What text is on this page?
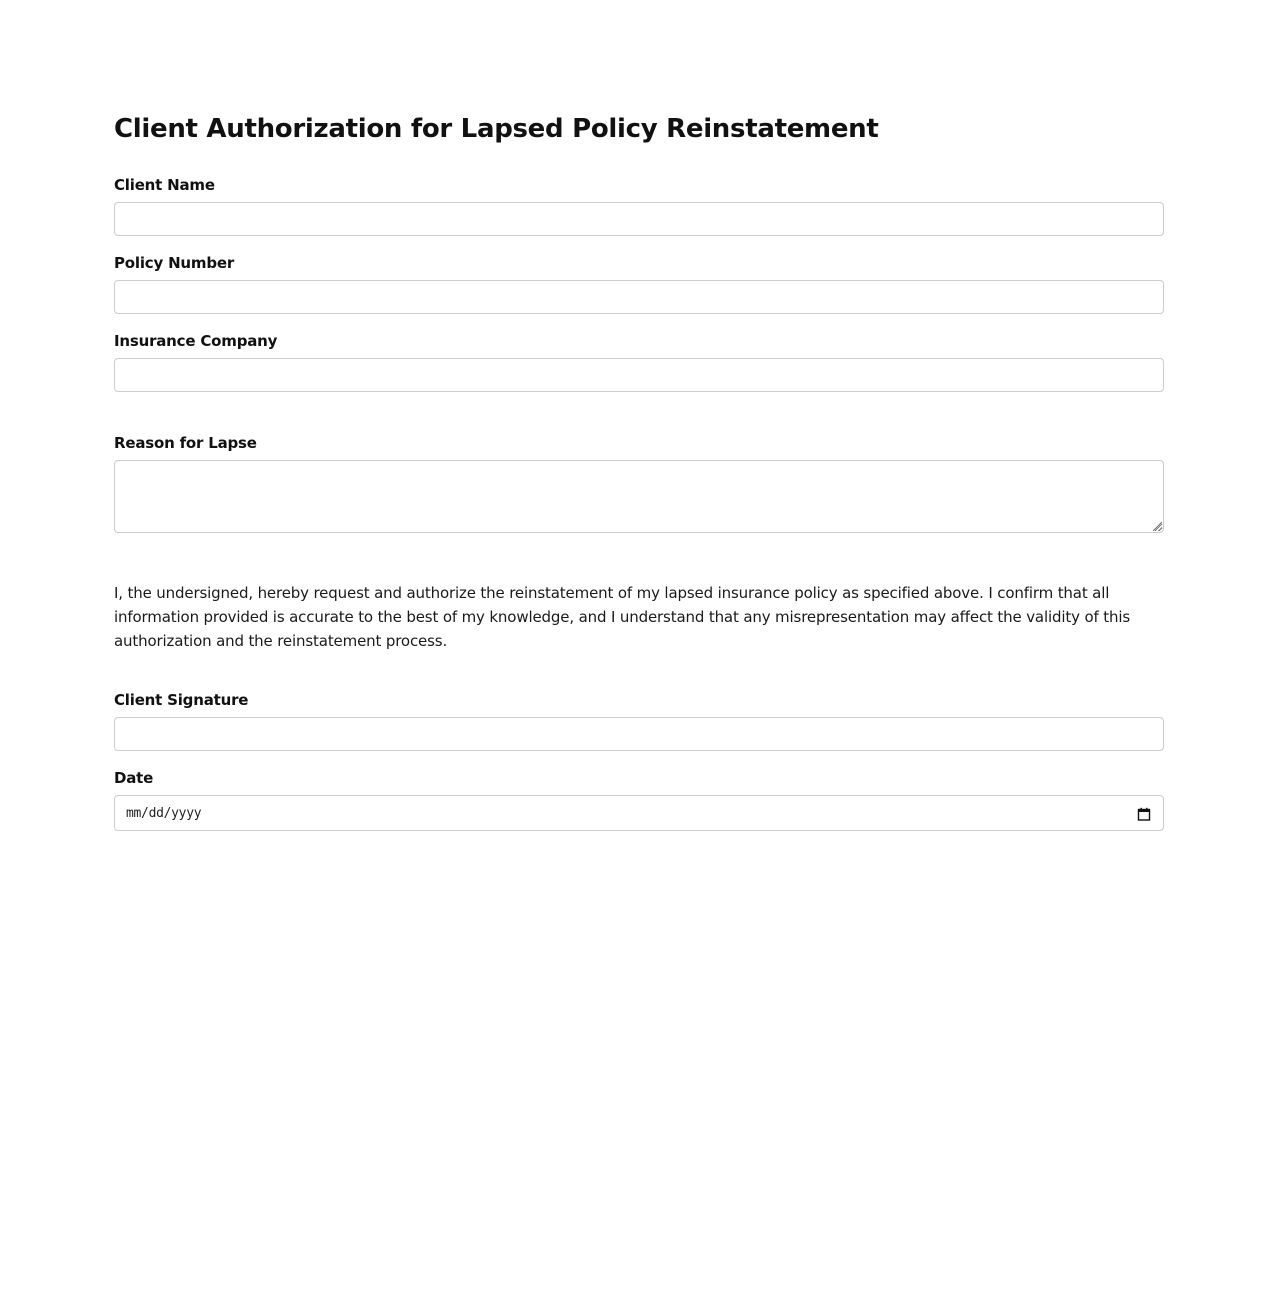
Client Authorization for Lapsed Policy Reinstatement
Client Name
Policy Number
Insurance Company
Reason for Lapse

I, the undersigned, hereby request and authorize the reinstatement of my lapsed insurance policy as specified above. I confirm that all information provided is accurate to the best of my knowledge, and I understand that any misrepresentation may affect the validity of this authorization and the reinstatement process.

Client Signature
Date
mm/dd/yyyy
